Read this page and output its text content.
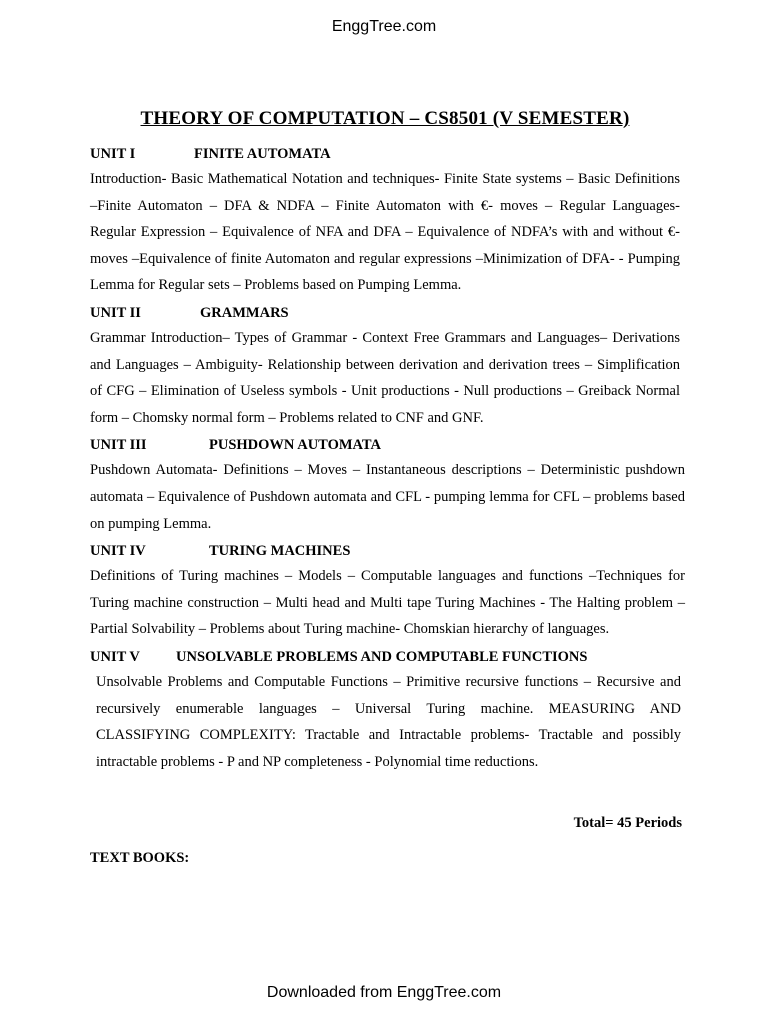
EnggTree.com
THEORY OF COMPUTATION – CS8501 (V SEMESTER)
UNIT I	FINITE AUTOMATA
Introduction- Basic Mathematical Notation and techniques- Finite State systems – Basic Definitions –Finite Automaton – DFA & NDFA – Finite Automaton with €- moves – Regular Languages- Regular Expression – Equivalence of NFA and DFA – Equivalence of NDFA’s with and without €-moves –Equivalence of finite Automaton and regular expressions –Minimization of DFA- - Pumping Lemma for Regular sets – Problems based on Pumping Lemma.
UNIT II	GRAMMARS
Grammar Introduction– Types of Grammar - Context Free Grammars and Languages– Derivations and Languages – Ambiguity- Relationship between derivation and derivation trees – Simplification of CFG – Elimination of Useless symbols - Unit productions - Null productions – Greiback Normal form – Chomsky normal form – Problems related to CNF and GNF.
UNIT III	PUSHDOWN AUTOMATA
Pushdown Automata- Definitions – Moves – Instantaneous descriptions – Deterministic pushdown automata – Equivalence of Pushdown automata and CFL - pumping lemma for CFL – problems based on pumping Lemma.
UNIT IV	TURING MACHINES
Definitions of Turing machines – Models – Computable languages and functions –Techniques for Turing machine construction – Multi head and Multi tape Turing Machines - The Halting problem –Partial Solvability – Problems about Turing machine- Chomskian hierarchy of languages.
UNIT V	UNSOLVABLE PROBLEMS AND COMPUTABLE FUNCTIONS
Unsolvable Problems and Computable Functions – Primitive recursive functions – Recursive and recursively enumerable languages – Universal Turing machine. MEASURING AND CLASSIFYING COMPLEXITY: Tractable and Intractable problems- Tractable and possibly intractable problems - P and NP completeness - Polynomial time reductions.
Total= 45 Periods
TEXT BOOKS:
Downloaded from EnggTree.com
